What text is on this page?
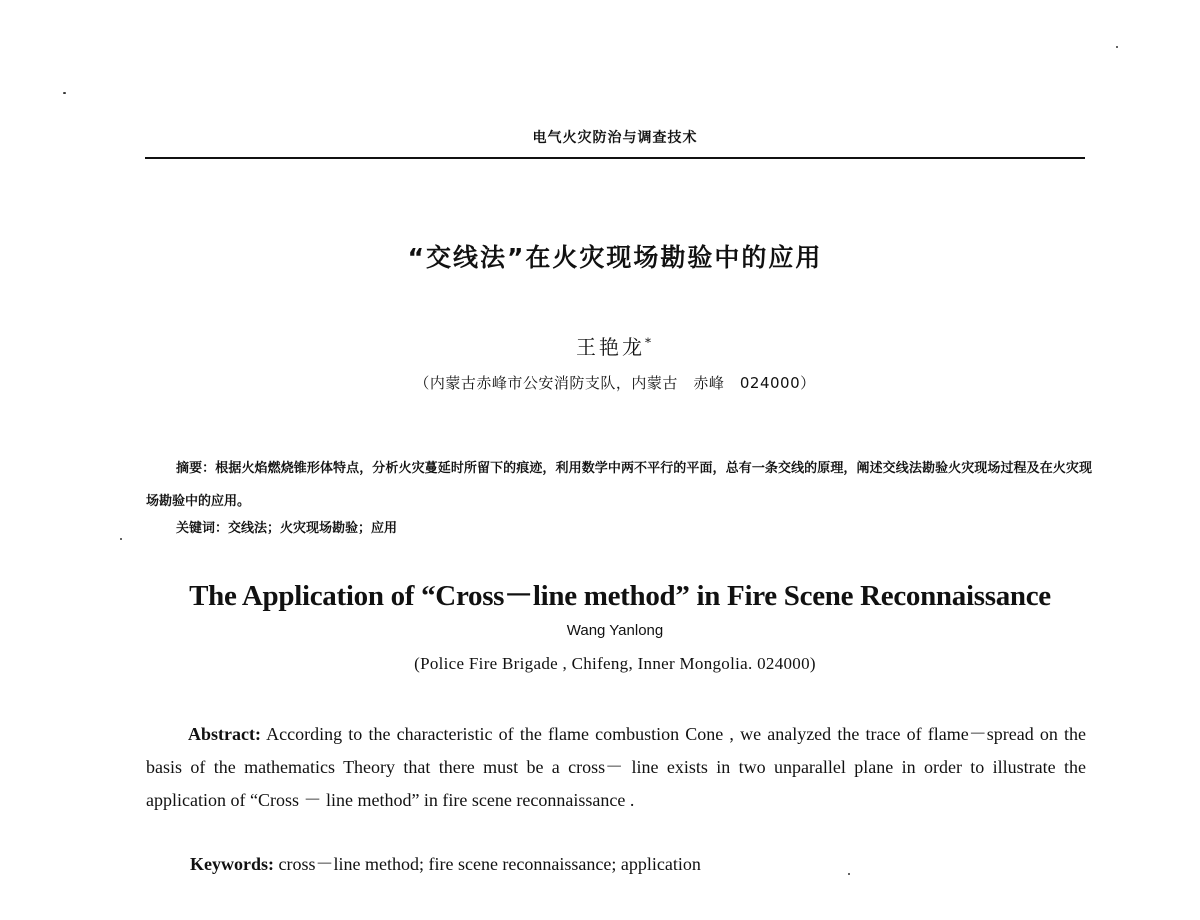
电气火灾防治与调查技术
“交线法”在火灾现场勘验中的应用
王艳龙*
（内蒙古赤峰市公安消防支队，内蒙古　赤峰　024000）

摘要：根据火焰燃烧锥形体特点，分析火灾蔓延时所留下的痕迹，利用数学中两不平行的平面，总有一条交线的原理，阐述交线法勘验火灾现场过程及在火灾现场勘验中的应用。

关键词：交线法；火灾现场勘验；应用
The Application of “Cross－line method” in Fire Scene Reconnaissance
Wang Yanlong
(Police Fire Brigade , Chifeng, Inner Mongolia. 024000)

Abstract: According to the characteristic of the flame combustion Cone , we analyzed the trace of flame－spread on the basis of the mathematics Theory that there must be a cross－ line exists in two unparallel plane in order to illustrate the application of “Cross － line method” in fire scene reconnaissance .

Keywords: cross－line method; fire scene reconnaissance; application
